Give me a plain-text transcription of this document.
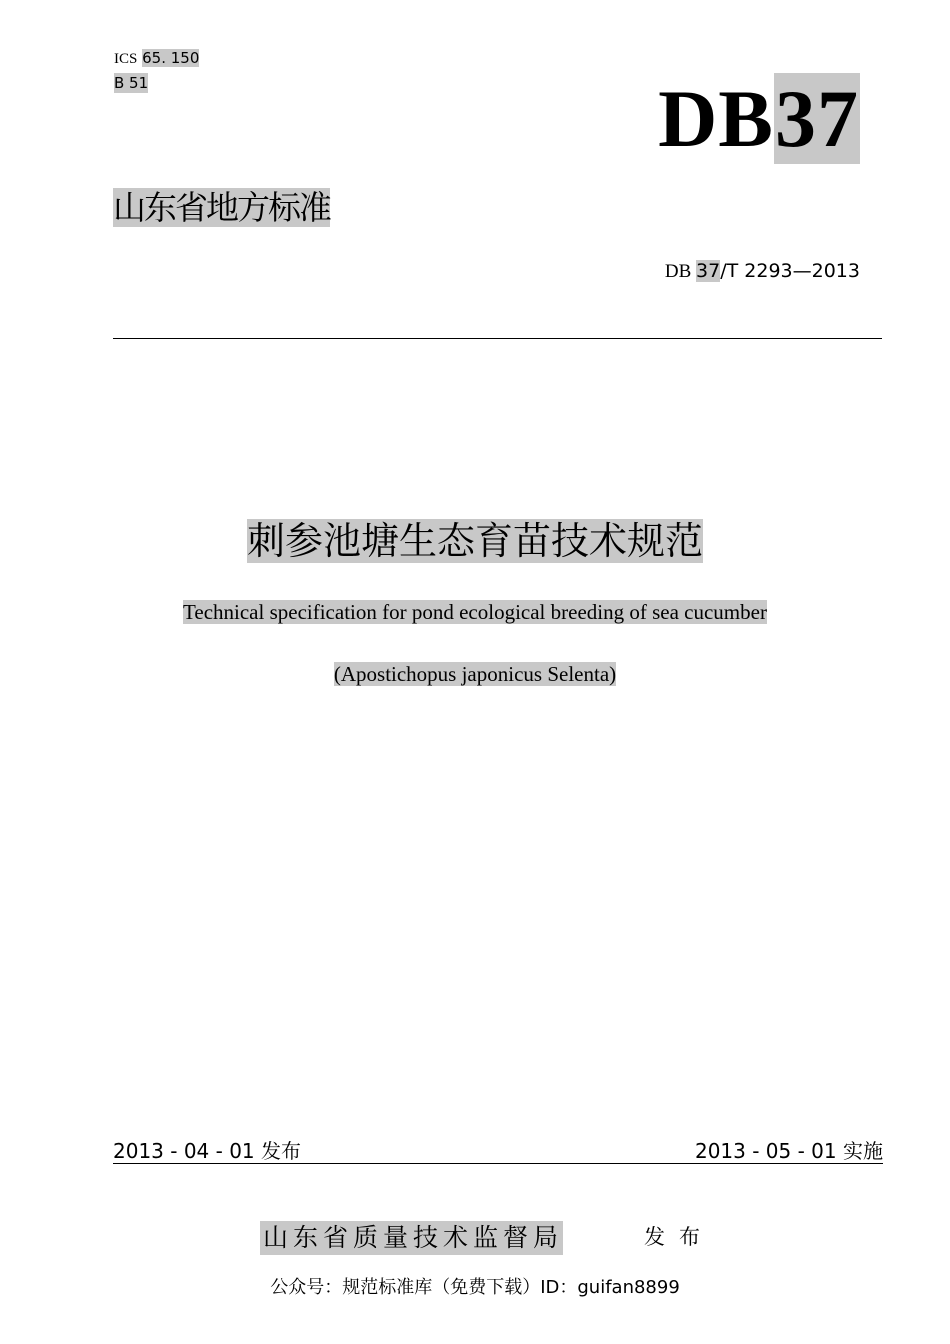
ICS 65. 150
B 51	DB37
山东省地方标准
DB 37/T 2293—2013
刺参池塘生态育苗技术规范
Technical specification for pond ecological breeding of sea cucumber
(Apostichopus japonicus Selenta)
2013 - 04 - 01 发布	2013 - 05 - 01 实施
山东省质量技术监督局	发布
公众号：规范标准库（免费下载）ID：guifan8899
